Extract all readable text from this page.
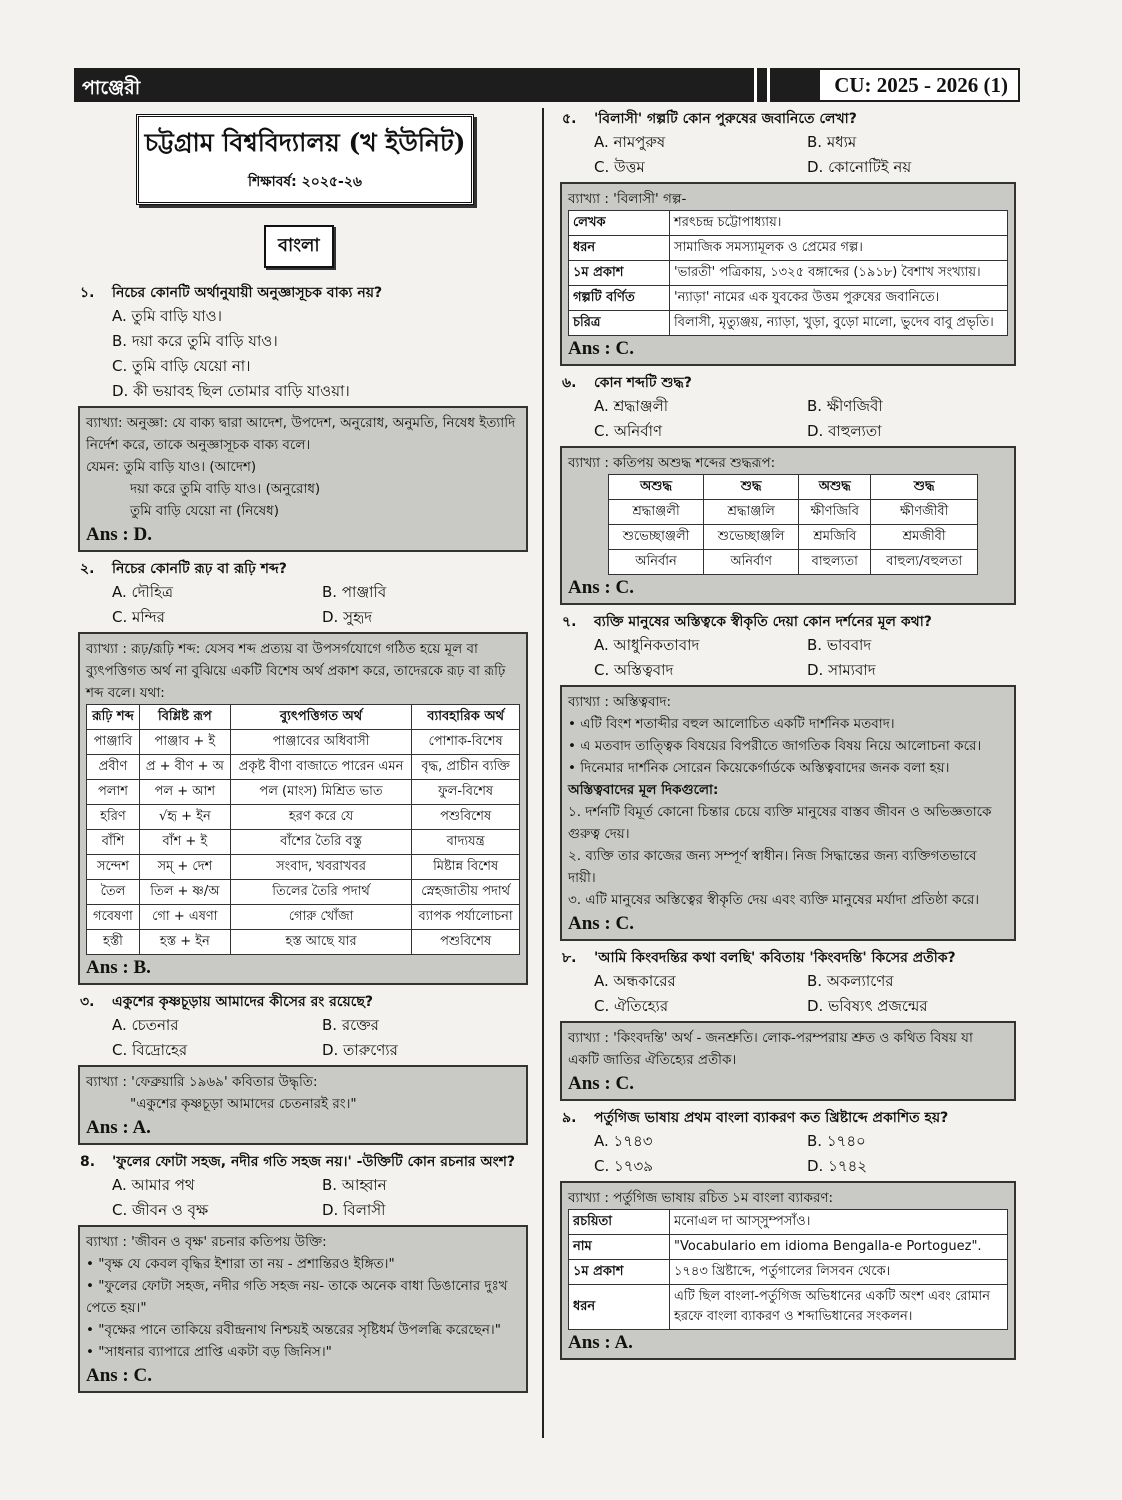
পাঞ্জেরী	CU: 2025 - 2026 (1)
চট্টগ্রাম বিশ্ববিদ্যালয় (খ ইউনিট)
শিক্ষাবর্ষ: ২০২৫-২৬
বাংলা
১.	নিচের কোনটি অর্থানুযায়ী অনুজ্ঞাসূচক বাক্য নয়?
A. তুমি বাড়ি যাও।
B. দয়া করে তুমি বাড়ি যাও।
C. তুমি বাড়ি যেয়ো না।
D. কী ভয়াবহ ছিল তোমার বাড়ি যাওয়া।
ব্যাখ্যা: অনুজ্ঞা: যে বাক্য দ্বারা আদেশ, উপদেশ, অনুরোধ, অনুমতি, নিষেধ ইত্যাদি নির্দেশ করে, তাকে অনুজ্ঞাসূচক বাক্য বলে।
যেমন: তুমি বাড়ি যাও। (আদেশ)
দয়া করে তুমি বাড়ি যাও। (অনুরোধ)
তুমি বাড়ি যেয়ো না (নিষেধ)
Ans : D.
২.	নিচের কোনটি রূঢ় বা রূঢ়ি শব্দ?
A. দৌহিত্র	B. পাঞ্জাবি
C. মন্দির	D. সুহৃদ
ব্যাখ্যা : রূঢ়/রূঢ়ি শব্দ: যেসব শব্দ প্রত্যয় বা উপসর্গযোগে গঠিত হয়ে মূল বা ব্যুৎপত্তিগত অর্থ না বুঝিয়ে একটি বিশেষ অর্থ প্রকাশ করে, তাদেরকে রূঢ় বা রূঢ়ি শব্দ বলে। যথা:
রূঢ়ি শব্দ	বিশ্লিষ্ট রূপ	ব্যুৎপত্তিগত অর্থ	ব্যাবহারিক অর্থ
পাঞ্জাবি	পাঞ্জাব + ই	পাঞ্জাবের অধিবাসী	পোশাক-বিশেষ
প্রবীণ	প্র + বীণ + অ	প্রকৃষ্ট বীণা বাজাতে পারেন এমন	বৃদ্ধ, প্রাচীন ব্যক্তি
পলাশ	পল + আশ	পল (মাংস) মিশ্রিত ভাত	ফুল-বিশেষ
হরিণ	√হৃ + ইন	হরণ করে যে	পশুবিশেষ
বাঁশি	বাঁশ + ই	বাঁশের তৈরি বস্তু	বাদ্যযন্ত্র
সন্দেশ	সম্ + দেশ	সংবাদ, খবরাখবর	মিষ্টান্ন বিশেষ
তৈল	তিল + ষ্ণ/অ	তিলের তৈরি পদার্থ	স্নেহজাতীয় পদার্থ
গবেষণা	গো + এষণা	গোরু খোঁজা	ব্যাপক পর্যালোচনা
হস্তী	হস্ত + ইন	হস্ত আছে যার	পশুবিশেষ
Ans : B.
৩.	একুশের কৃষ্ণচূড়ায় আমাদের কীসের রং রয়েছে?
A. চেতনার	B. রক্তের
C. বিদ্রোহের	D. তারুণ্যের
ব্যাখ্যা : 'ফেব্রুয়ারি ১৯৬৯' কবিতার উদ্ধৃতি:
"একুশের কৃষ্ণচূড়া আমাদের চেতনারই রং।"
Ans : A.
8.	'ফুলের ফোটা সহজ, নদীর গতি সহজ নয়।' -উক্তিটি কোন রচনার অংশ?
A. আমার পথ	B. আহ্বান
C. জীবন ও বৃক্ষ	D. বিলাসী
ব্যাখ্যা : 'জীবন ও বৃক্ষ' রচনার কতিপয় উক্তি:
• "বৃক্ষ যে কেবল বৃদ্ধির ইশারা তা নয় - প্রশান্তিরও ইঙ্গিত।"
• "ফুলের ফোটা সহজ, নদীর গতি সহজ নয়- তাকে অনেক বাধা ডিঙানোর দুঃখ পেতে হয়।"
• "বৃক্ষের পানে তাকিয়ে রবীন্দ্রনাথ নিশ্চয়ই অন্তরের সৃষ্টিধর্ম উপলব্ধি করেছেন।"
• "সাধনার ব্যাপারে প্রাপ্তি একটা বড় জিনিস।"
Ans : C.
৫.	'বিলাসী' গল্পটি কোন পুরুষের জবানিতে লেখা?
A. নামপুরুষ	B. মধ্যম
C. উত্তম	D. কোনোটিই নয়
ব্যাখ্যা : 'বিলাসী' গল্প-
লেখক	শরৎচন্দ্র চট্টোপাধ্যায়।
ধরন	সামাজিক সমস্যামূলক ও প্রেমের গল্প।
১ম প্রকাশ	'ভারতী' পত্রিকায়, ১৩২৫ বঙ্গাব্দের (১৯১৮) বৈশাখ সংখ্যায়।
গল্পটি বর্ণিত	'ন্যাড়া' নামের এক যুবকের উত্তম পুরুষের জবানিতে।
চরিত্র	বিলাসী, মৃত্যুঞ্জয়, ন্যাড়া, খুড়া, বুড়ো মালো, ভুদেব বাবু প্রভৃতি।
Ans : C.
৬.	কোন শব্দটি শুদ্ধ?
A. শ্রদ্ধাঞ্জলী	B. ক্ষীণজিবী
C. অনির্বাণ	D. বাহুল্যতা
ব্যাখ্যা : কতিপয় অশুদ্ধ শব্দের শুদ্ধরূপ:
অশুদ্ধ	শুদ্ধ	অশুদ্ধ	শুদ্ধ
শ্রদ্ধাঞ্জলী	শ্রদ্ধাঞ্জলি	ক্ষীণজিবি	ক্ষীণজীবী
শুভেচ্ছাঞ্জলী	শুভেচ্ছাঞ্জলি	শ্রমজিবি	শ্রমজীবী
অনির্বান	অনির্বাণ	বাহুল্যতা	বাহুল্য/বহুলতা
Ans : C.
৭.	ব্যক্তি মানুষের অস্তিত্বকে স্বীকৃতি দেয়া কোন দর্শনের মূল কথা?
A. আধুনিকতাবাদ	B. ভাববাদ
C. অস্তিত্ববাদ	D. সাম্যবাদ
ব্যাখ্যা : অস্তিত্ববাদ:
• এটি বিংশ শতাব্দীর বহুল আলোচিত একটি দার্শনিক মতবাদ।
• এ মতবাদ তাত্ত্বিক বিষয়ের বিপরীতে জাগতিক বিষয় নিয়ে আলোচনা করে।
• দিনেমার দার্শনিক সোরেন কিয়েকের্গার্ডকে অস্তিত্ববাদের জনক বলা হয়।
অস্তিত্ববাদের মূল দিকগুলো:
১. দর্শনটি বিমূর্ত কোনো চিন্তার চেয়ে ব্যক্তি মানুষের বাস্তব জীবন ও অভিজ্ঞতাকে গুরুত্ব দেয়।
২. ব্যক্তি তার কাজের জন্য সম্পূর্ণ স্বাধীন। নিজ সিদ্ধান্তের জন্য ব্যক্তিগতভাবে দায়ী।
৩. এটি মানুষের অস্তিত্বের স্বীকৃতি দেয় এবং ব্যক্তি মানুষের মর্যাদা প্রতিষ্ঠা করে।
Ans : C.
৮.	'আমি কিংবদন্তির কথা বলছি' কবিতায় 'কিংবদন্তি' কিসের প্রতীক?
A. অন্ধকারের	B. অকল্যাণের
C. ঐতিহ্যের	D. ভবিষ্যৎ প্রজন্মের
ব্যাখ্যা : 'কিংবদন্তি' অর্থ - জনশ্রুতি। লোক-পরম্পরায় শ্রুত ও কথিত বিষয় যা একটি জাতির ঐতিহ্যের প্রতীক।
Ans : C.
৯.	পর্তুগিজ ভাষায় প্রথম বাংলা ব্যাকরণ কত খ্রিষ্টাব্দে প্রকাশিত হয়?
A. ১৭৪৩	B. ১৭৪০
C. ১৭৩৯	D. ১৭৪২
ব্যাখ্যা : পর্তুগিজ ভাষায় রচিত ১ম বাংলা ব্যাকরণ:
রচয়িতা	মনোএল দা আস্সুম্পসাঁও।
নাম	"Vocabulario em idioma Bengalla-e Portoguez".
১ম প্রকাশ	১৭৪৩ খ্রিষ্টাব্দে, পর্তুগালের লিসবন থেকে।
ধরন	এটি ছিল বাংলা-পর্তুগিজ অভিধানের একটি অংশ এবং রোমান হরফে বাংলা ব্যাকরণ ও শব্দাভিধানের সংকলন।
Ans : A.
